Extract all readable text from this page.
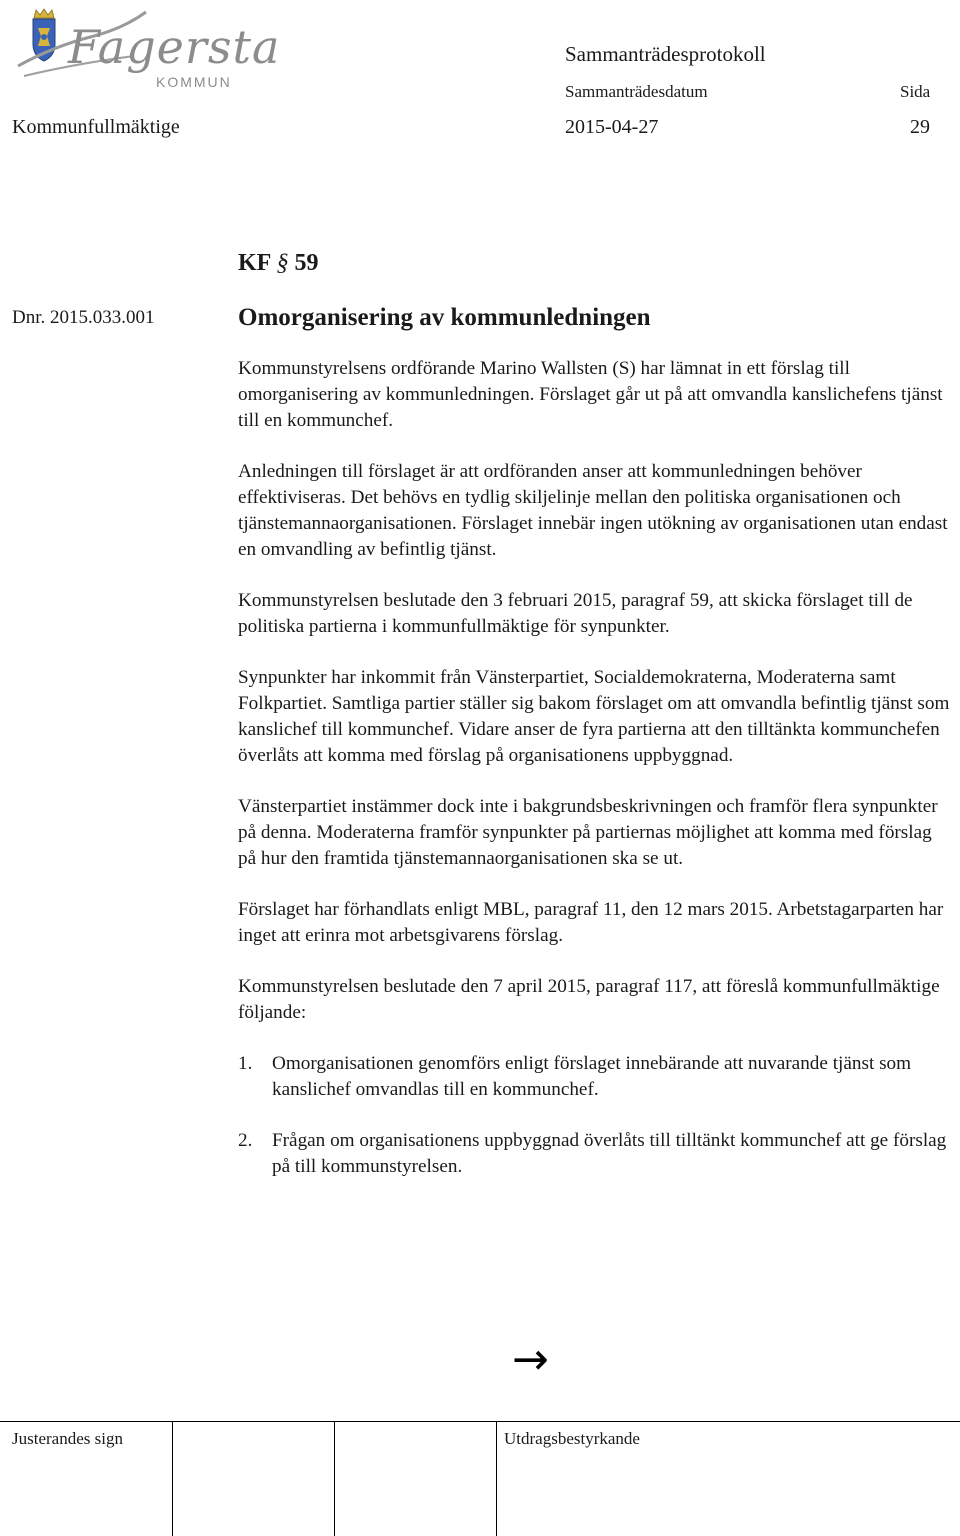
Fagersta
KOMMUN
Sammanträdesprotokoll
Sammanträdesdatum	Sida
Kommunfullmäktige	2015-04-27	29
KF § 59
Dnr. 2015.033.001	Omorganisering av kommunledningen

Kommunstyrelsens ordförande Marino Wallsten (S) har lämnat in ett förslag till omorganisering av kommunledningen. Förslaget går ut på att omvandla kanslichefens tjänst till en kommunchef.

Anledningen till förslaget är att ordföranden anser att kommunledningen behöver effektiviseras. Det behövs en tydlig skiljelinje mellan den politiska organisationen och tjänstemannaorganisationen. Förslaget innebär ingen utökning av organisationen utan endast en omvandling av befintlig tjänst.

Kommunstyrelsen beslutade den 3 februari 2015, paragraf 59, att skicka förslaget till de politiska partierna i kommunfullmäktige för synpunkter.

Synpunkter har inkommit från Vänsterpartiet, Socialdemokraterna, Moderaterna samt Folkpartiet. Samtliga partier ställer sig bakom förslaget om att omvandla befintlig tjänst som kanslichef till kommunchef. Vidare anser de fyra partierna att den tilltänkta kommunchefen överlåts att komma med förslag på organisationens uppbyggnad.

Vänsterpartiet instämmer dock inte i bakgrundsbeskrivningen och framför flera synpunkter på denna. Moderaterna framför synpunkter på partiernas möjlighet att komma med förslag på hur den framtida tjänstemannaorganisationen ska se ut.

Förslaget har förhandlats enligt MBL, paragraf 11, den 12 mars 2015. Arbetstagarparten har inget att erinra mot arbetsgivarens förslag.

Kommunstyrelsen beslutade den 7 april 2015, paragraf 117, att föreslå kommunfullmäktige följande:

1. Omorganisationen genomförs enligt förslaget innebärande att nuvarande tjänst som kanslichef omvandlas till en kommunchef.
2. Frågan om organisationens uppbyggnad överlåts till tilltänkt kommunchef att ge förslag på till kommunstyrelsen.
→
Justerandes sign	Utdragsbestyrkande
